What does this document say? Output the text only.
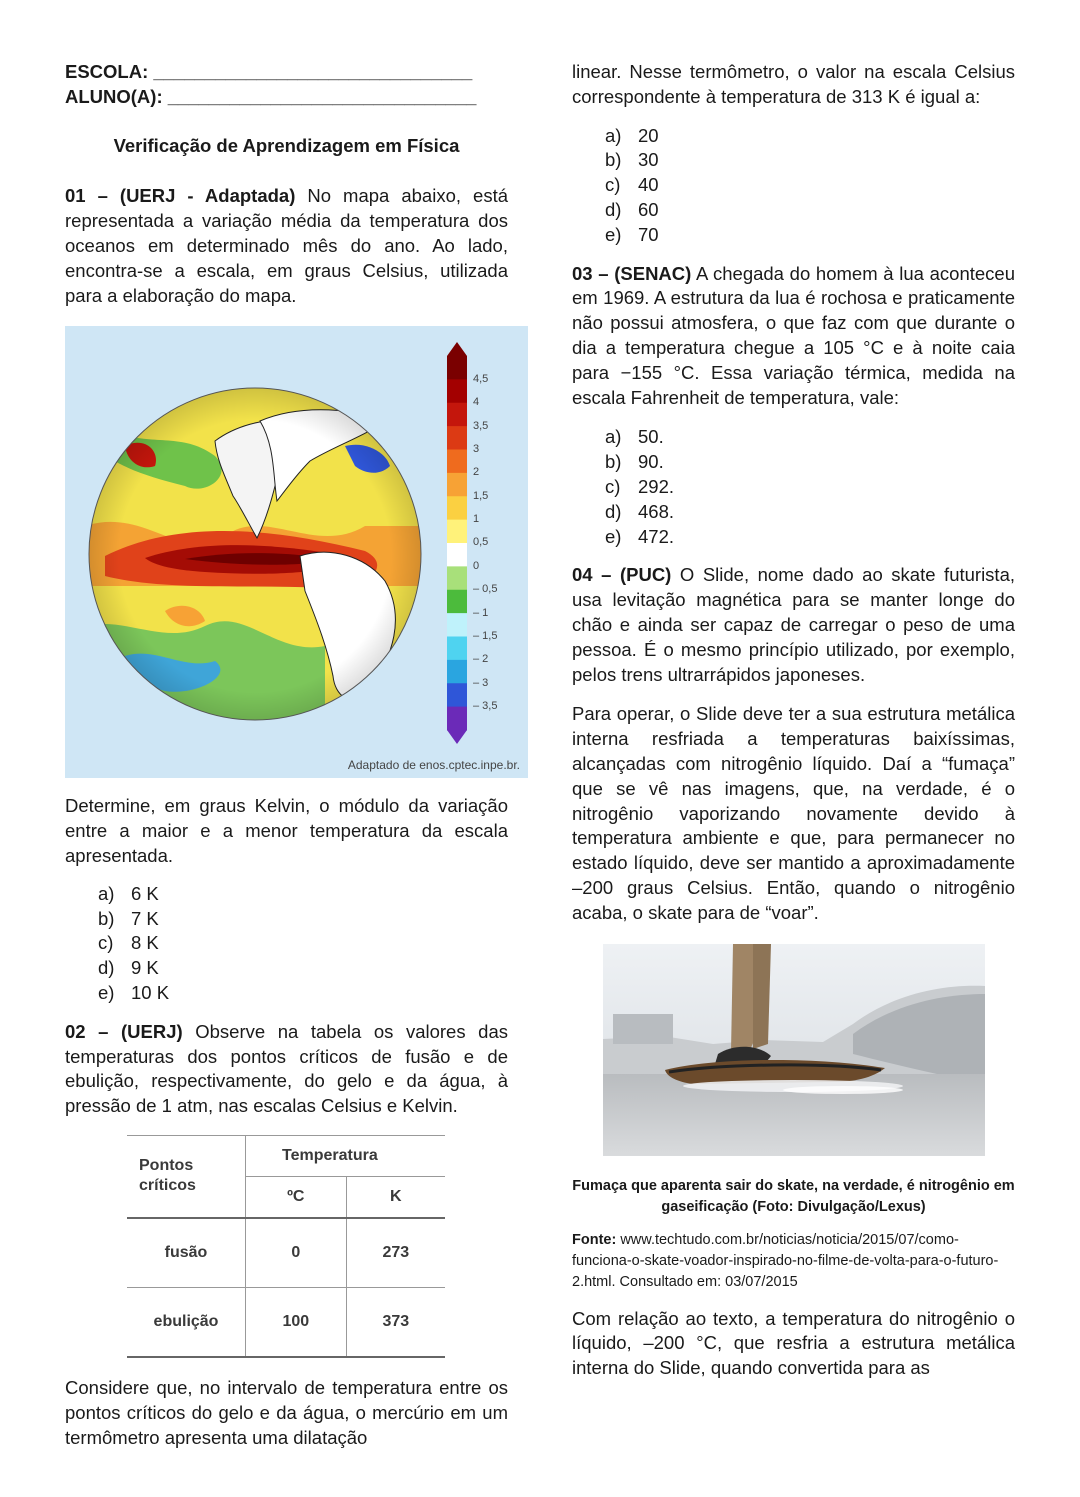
ESCOLA: _______________________________
ALUNO(A): ______________________________
Verificação de Aprendizagem em Física

01 – (UERJ - Adaptada) No mapa abaixo, está representada a variação média da temperatura dos oceanos em determinado mês do ano. Ao lado, encontra-se a escala, em graus Celsius, utilizada para a elaboração do mapa.

4,5
4
3,5
3
2
1,5
1
0,5
0
– 0,5
– 1
– 1,5
– 2
– 3
– 3,5
Adaptado de enos.cptec.inpe.br.

Determine, em graus Kelvin, o módulo da variação entre a maior e a menor temperatura da escala apresentada.

a) 6 K
b) 7 K
c) 8 K
d) 9 K
e) 10 K

02 – (UERJ) Observe na tabela os valores das temperaturas dos pontos críticos de fusão e de ebulição, respectivamente, do gelo e da água, à pressão de 1 atm, nas escalas Celsius e Kelvin.

Pontos críticos	Temperatura	
	ºC	K
fusão	0	273
ebulição	100	373

Considere que, no intervalo de temperatura entre os pontos críticos do gelo e da água, o mercúrio em um termômetro apresenta uma dilatação

linear. Nesse termômetro, o valor na escala Celsius correspondente à temperatura de 313 K é igual a:

a) 20
b) 30
c) 40
d) 60
e) 70

03 – (SENAC) A chegada do homem à lua aconteceu em 1969. A estrutura da lua é rochosa e praticamente não possui atmosfera, o que faz com que durante o dia a temperatura chegue a 105 °C e à noite caia para −155 °C. Essa variação térmica, medida na escala Fahrenheit de temperatura, vale:

a) 50.
b) 90.
c) 292.
d) 468.
e) 472.

04 – (PUC) O Slide, nome dado ao skate futurista, usa levitação magnética para se manter longe do chão e ainda ser capaz de carregar o peso de uma pessoa. É o mesmo princípio utilizado, por exemplo, pelos trens ultrarrápidos japoneses.

Para operar, o Slide deve ter a sua estrutura metálica interna resfriada a temperaturas baixíssimas, alcançadas com nitrogênio líquido. Daí a “fumaça” que se vê nas imagens, que, na verdade, é o nitrogênio vaporizando novamente devido à temperatura ambiente e que, para permanecer no estado líquido, deve ser mantido a aproximadamente –200 graus Celsius. Então, quando o nitrogênio acaba, o skate para de “voar”.

Fumaça que aparenta sair do skate, na verdade, é nitrogênio em gaseificação (Foto: Divulgação/Lexus)

Fonte: www.techtudo.com.br/noticias/noticia/2015/07/como-funciona-o-skate-voador-inspirado-no-filme-de-volta-para-o-futuro- 2.html. Consultado em: 03/07/2015

Com relação ao texto, a temperatura do nitrogênio o líquido, –200 °C, que resfria a estrutura metálica interna do Slide, quando convertida para as
